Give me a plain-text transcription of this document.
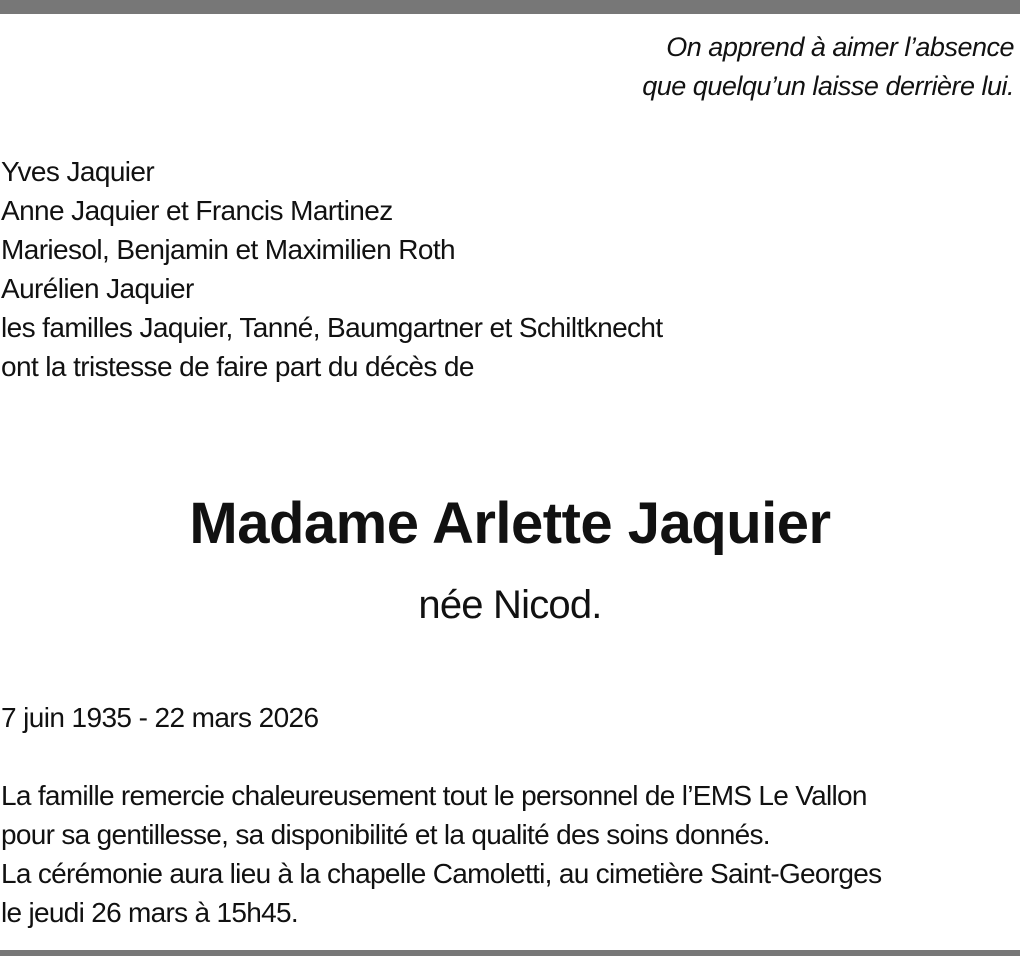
On apprend à aimer l’absence
que quelqu’un laisse derrière lui.
Yves Jaquier
Anne Jaquier et Francis Martinez
Mariesol, Benjamin et Maximilien Roth
Aurélien Jaquier
les familles Jaquier, Tanné, Baumgartner et Schiltknecht
ont la tristesse de faire part du décès de
Madame Arlette Jaquier
née Nicod.
7 juin 1935 - 22 mars 2026
La famille remercie chaleureusement tout le personnel de l’EMS Le Vallon
pour sa gentillesse, sa disponibilité et la qualité des soins donnés.
La cérémonie aura lieu à la chapelle Camoletti, au cimetière Saint-Georges
le jeudi 26 mars à 15h45.
